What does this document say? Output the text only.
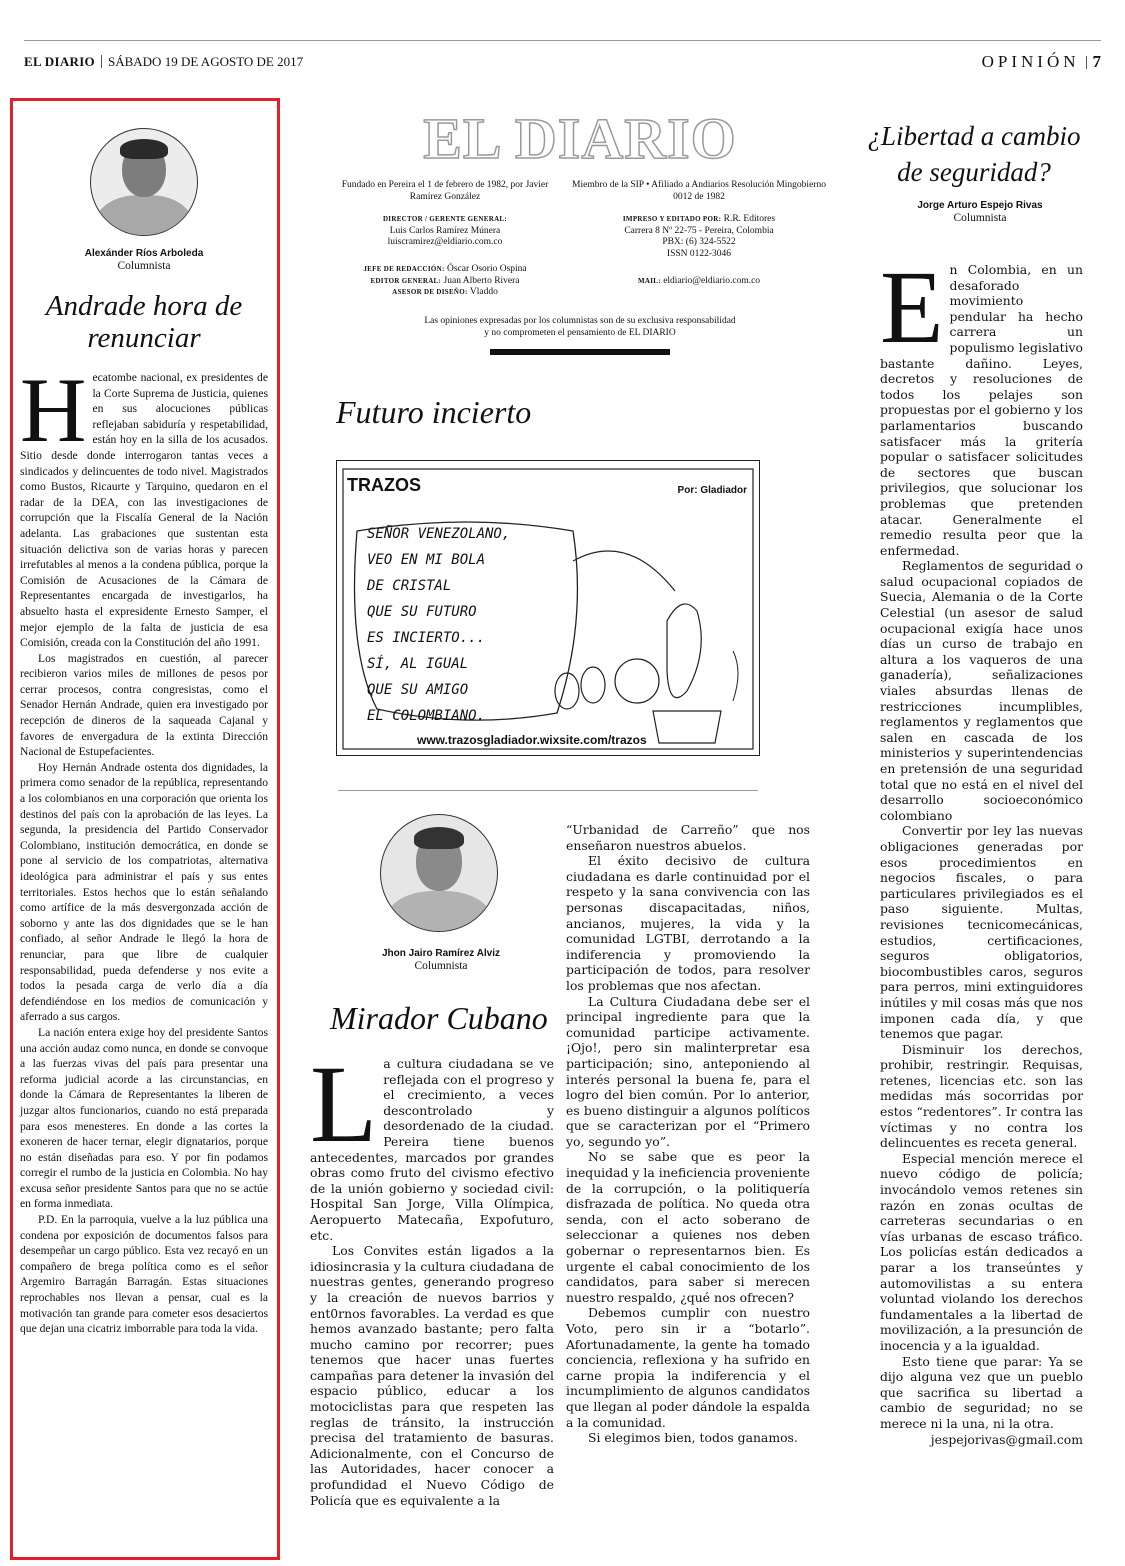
EL DIARIO SÁBADO 19 DE AGOSTO DE 2017	OPINIÓN 7
Alexánder Ríos Arboleda
Columnista
Andrade hora de renunciar

Hecatombe nacional, ex presidentes de la Corte Suprema de Justicia, quienes en sus alocuciones públicas reflejaban sabiduría y respetabilidad, están hoy en la silla de los acusados. Sitio desde donde interrogaron tantas veces a sindicados y delincuentes de todo nivel. Magistrados como Bustos, Ricaurte y Tarquino, quedaron en el radar de la DEA, con las investigaciones de corrupción que la Fiscalía General de la Nación adelanta. Las grabaciones que sustentan esta situación delictiva son de varias horas y parecen irrefutables al menos a la condena pública, porque la Comisión de Acusaciones de la Cámara de Representantes encargada de investigarlos, ha absuelto hasta el expresidente Ernesto Samper, el mejor ejemplo de la falta de justicia de esa Comisión, creada con la Constitución del año 1991.

Los magistrados en cuestión, al parecer recibieron varios miles de millones de pesos por cerrar procesos, contra congresistas, como el Senador Hernán Andrade, quien era investigado por recepción de dineros de la saqueada Cajanal y favores de envergadura de la extinta Dirección Nacional de Estupefacientes.

Hoy Hernán Andrade ostenta dos dignidades, la primera como senador de la república, representando a los colombianos en una corporación que orienta los destinos del país con la aprobación de las leyes. La segunda, la presidencia del Partido Conservador Colombiano, institución democrática, en donde se pone al servicio de los compatriotas, alternativa ideológica para administrar el país y sus entes territoriales. Estos hechos que lo están señalando como artífice de la más desvergonzada acción de soborno y ante las dos dignidades que se le han confiado, al señor Andrade le llegó la hora de renunciar, para que libre de cualquier responsabilidad, pueda defenderse y nos evite a todos la pesada carga de verlo día a día defendiéndose en los medios de comunicación y aferrado a sus cargos.

La nación entera exige hoy del presidente Santos una acción audaz como nunca, en donde se convoque a las fuerzas vivas del país para presentar una reforma judicial acorde a las circunstancias, en donde la Cámara de Representantes la liberen de juzgar altos funcionarios, cuando no está preparada para esos menesteres. En donde a las cortes la exoneren de hacer ternar, elegir dignatarios, porque no están diseñadas para eso. Y por fin podamos corregir el rumbo de la justicia en Colombia. No hay excusa señor presidente Santos para que no se actúe en forma inmediata.

P.D. En la parroquia, vuelve a la luz pública una condena por exposición de documentos falsos para desempeñar un cargo público. Esta vez recayó en un compañero de brega política como es el señor Argemiro Barragán Barragán. Estas situaciones reprochables nos llevan a pensar, cual es la motivación tan grande para cometer esos desaciertos que dejan una cicatriz imborrable para toda la vida.

EL DIARIO
Fundado en Pereira el 1 de febrero de 1982, por Javier Ramírez González
Miembro de la SIP • Afiliado a Andiarios Resolución Mingobierno 0012 de 1982
DIRECTOR / GERENTE GENERAL:
Luis Carlos Ramírez Múnera
luiscramirez@eldiario.com.co
IMPRESO Y EDITADO POR: R.R. Editores
Carrera 8 Nº 22-75 - Pereira, Colombia
PBX: (6) 324-5522
ISSN 0122-3046
JEFE DE REDACCIÓN: Óscar Osorio Ospina
EDITOR GENERAL: Juan Alberto Rivera
ASESOR DE DISEÑO: Vladdo
MAIL: eldiario@eldiario.com.co
Las opiniones expresadas por los columnistas son de su exclusiva responsabilidad
y no comprometen el pensamiento de EL DIARIO
Futuro incierto
TRAZOS	Por: Gladiador
SEÑOR VENEZOLANO,
VEO EN MI BOLA
DE CRISTAL
QUE SU FUTURO
ES INCIERTO...
SÍ, AL IGUAL
QUE SU AMIGO
EL COLOMBIANO.
www.trazosgladiador.wixsite.com/trazos
Jhon Jairo Ramírez Alviz
Columnista
Mirador Cubano

La cultura ciudadana se ve reflejada con el progreso y el crecimiento, a veces descontrolado y desordenado de la ciudad. Pereira tiene buenos antecedentes, marcados por grandes obras como fruto del civismo efectivo de la unión gobierno y sociedad civil: Hospital San Jorge, Villa Olímpica, Aeropuerto Matecaña, Expofuturo, etc.

Los Convites están ligados a la idiosincrasia y la cultura ciudadana de nuestras gentes, generando progreso y la creación de nuevos barrios y ent0rnos favorables. La verdad es que hemos avanzado bastante; pero falta mucho camino por recorrer; pues tenemos que hacer unas fuertes campañas para detener la invasión del espacio público, educar a los motociclistas para que respeten las reglas de tránsito, la instrucción precisa del tratamiento de basuras. Adicionalmente, con el Concurso de las Autoridades, hacer conocer a profundidad el Nuevo Código de Policía que es equivalente a la

“Urbanidad de Carreño” que nos enseñaron nuestros abuelos.

El éxito decisivo de cultura ciudadana es darle continuidad por el respeto y la sana convivencia con las personas discapacitadas, niños, ancianos, mujeres, la vida y la comunidad LGTBI, derrotando a la indiferencia y promoviendo la participación de todos, para resolver los problemas que nos afectan.

La Cultura Ciudadana debe ser el principal ingrediente para que la comunidad participe activamente. ¡Ojo!, pero sin malinterpretar esa participación; sino, anteponiendo al interés personal la buena fe, para el logro del bien común. Por lo anterior, es bueno distinguir a algunos políticos que se caracterizan por el “Primero yo, segundo yo”.

No se sabe que es peor la inequidad y la ineficiencia proveniente de la corrupción, o la politiquería disfrazada de política. No queda otra senda, con el acto soberano de seleccionar a quienes nos deben gobernar o representarnos bien. Es urgente el cabal conocimiento de los candidatos, para saber si merecen nuestro respaldo, ¿qué nos ofrecen?

Debemos cumplir con nuestro Voto, pero sin ir a “botarlo”. Afortunadamente, la gente ha tomado conciencia, reflexiona y ha sufrido en carne propia la indiferencia y el incumplimiento de algunos candidatos que llegan al poder dándole la espalda a la comunidad.

Si elegimos bien, todos ganamos.

¿Libertad a cambio de seguridad?
Jorge Arturo Espejo Rivas
Columnista

En Colombia, en un desaforado movimiento pendular ha hecho carrera un populismo legislativo bastante dañino. Leyes, decretos y resoluciones de todos los pelajes son propuestas por el gobierno y los parlamentarios buscando satisfacer más la gritería popular o satisfacer solicitudes de sectores que buscan privilegios, que solucionar los problemas que pretenden atacar. Generalmente el remedio resulta peor que la enfermedad.

Reglamentos de seguridad o salud ocupacional copiados de Suecia, Alemania o de la Corte Celestial (un asesor de salud ocupacional exigía hace unos días un curso de trabajo en altura a los vaqueros de una ganadería), señalizaciones viales absurdas llenas de restricciones incumplibles, reglamentos y reglamentos que salen en cascada de los ministerios y superintendencias en pretensión de una seguridad total que no está en el nivel del desarrollo socioeconómico colombiano

Convertir por ley las nuevas obligaciones generadas por esos procedimientos en negocios fiscales, o para particulares privilegiados es el paso siguiente. Multas, revisiones tecnicomecánicas, estudios, certificaciones, seguros obligatorios, biocombustibles caros, seguros para perros, mini extinguidores inútiles y mil cosas más que nos imponen cada día, y que tenemos que pagar.

Disminuir los derechos, prohibir, restringir. Requisas, retenes, licencias etc. son las medidas más socorridas por estos “redentores”. Ir contra las víctimas y no contra los delincuentes es receta general.

Especial mención merece el nuevo código de policía; invocándolo vemos retenes sin razón en zonas ocultas de carreteras secundarias o en vías urbanas de escaso tráfico. Los policías están dedicados a parar a los transeúntes y automovilistas a su entera voluntad violando los derechos fundamentales a la libertad de movilización, a la presunción de inocencia y a la igualdad.

Esto tiene que parar: Ya se dijo alguna vez que un pueblo que sacrifica su libertad a cambio de seguridad; no se merece ni la una, ni la otra.

jespejorivas@gmail.com
